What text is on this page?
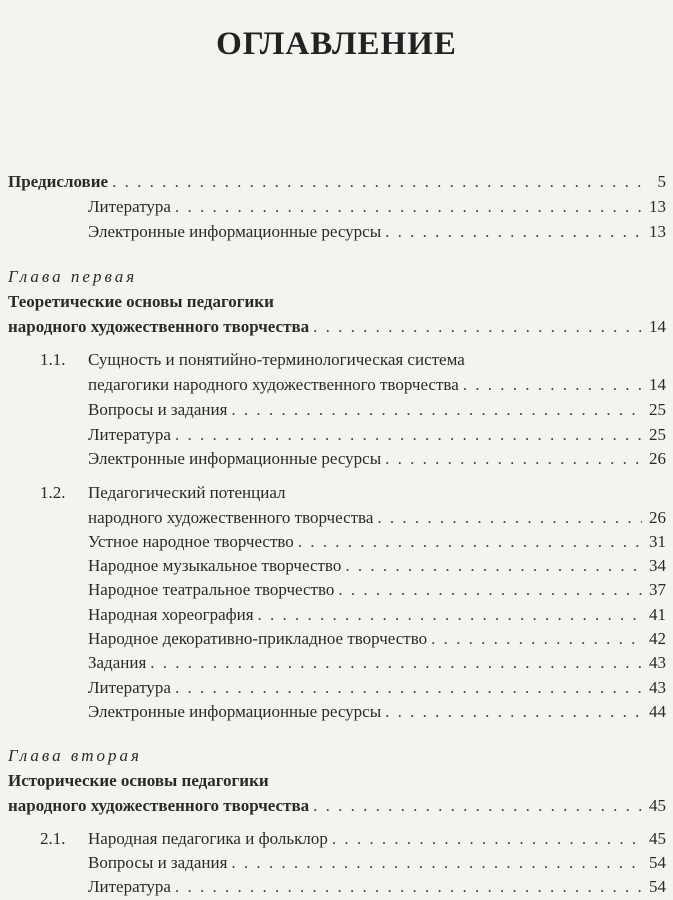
ОГЛАВЛЕНИЕ
Предисловие . . .	5
Литература . . .	13
Электронные информационные ресурсы . . .	13
Глава первая
Теоретические основы педагогики
народного художественного творчества . . .	14
1.1. Сущность и понятийно-терминологическая система
педагогики народного художественного творчества . . .	14
Вопросы и задания . . .	25
Литература . . .	25
Электронные информационные ресурсы . . .	26
1.2. Педагогический потенциал
народного художественного творчества . . .	26
Устное народное творчество . . .	31
Народное музыкальное творчество . . .	34
Народное театральное творчество . . .	37
Народная хореография . . .	41
Народное декоративно-прикладное творчество . . .	42
Задания . . .	43
Литература . . .	43
Электронные информационные ресурсы . . .	44
Глава вторая
Исторические основы педагогики
народного художественного творчества . . .	45
2.1. Народная педагогика и фольклор . . .	45
Вопросы и задания . . .	54
Литература . . .	54
